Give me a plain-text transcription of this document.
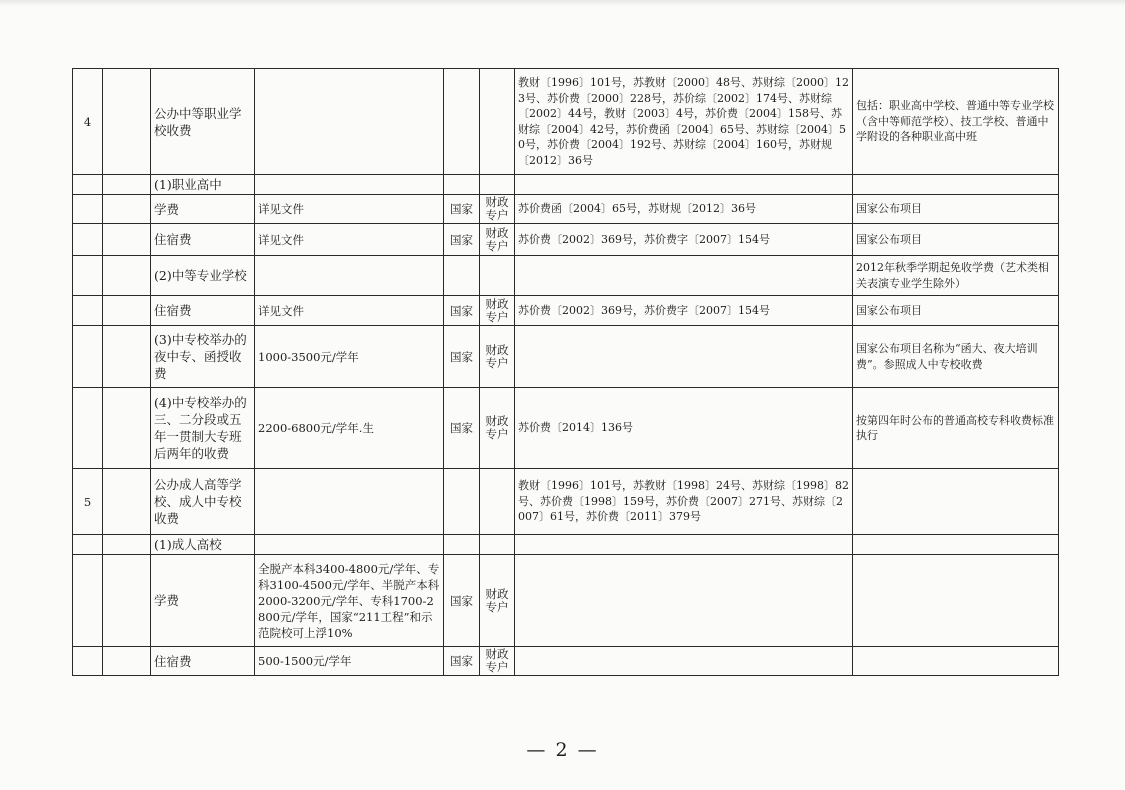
4		公办中等职业学校收费				教财〔1996〕101号，苏教财〔2000〕48号、苏财综〔2000〕123号、苏价费〔2000〕228号，苏价综〔2002〕174号、苏财综〔2002〕44号，教财〔2003〕4号，苏价费〔2004〕158号、苏财综〔2004〕42号，苏价费函〔2004〕65号、苏财综〔2004〕50号，苏价费〔2004〕192号、苏财综〔2004〕160号，苏财规〔2012〕36号	包括：职业高中学校、普通中等专业学校（含中等师范学校）、技工学校、普通中学附设的各种职业高中班
		(1)职业高中					
		学费	详见文件	国家	财政专户	苏价费函〔2004〕65号，苏财规〔2012〕36号	国家公布项目
		住宿费	详见文件	国家	财政专户	苏价费〔2002〕369号，苏价费字〔2007〕154号	国家公布项目
		(2)中等专业学校					2012年秋季学期起免收学费（艺术类相关表演专业学生除外）
		住宿费	详见文件	国家	财政专户	苏价费〔2002〕369号，苏价费字〔2007〕154号	国家公布项目
		(3)中专校举办的夜中专、函授收费	1000-3500元/学年	国家	财政专户		国家公布项目名称为“函大、夜大培训费”。参照成人中专校收费
		(4)中专校举办的三、二分段或五年一贯制大专班后两年的收费	2200-6800元/学年.生	国家	财政专户	苏价费〔2014〕136号	按第四年时公布的普通高校专科收费标准执行
5		公办成人高等学校、成人中专校收费				教财〔1996〕101号，苏教财〔1998〕24号、苏财综〔1998〕82号、苏价费〔1998〕159号，苏价费〔2007〕271号、苏财综〔2007〕61号，苏价费〔2011〕379号	
		(1)成人高校					
		学费	全脱产本科3400-4800元/学年、专科3100-4500元/学年、半脱产本科2000-3200元/学年、专科1700-2800元/学年，国家“211工程”和示范院校可上浮10%	国家	财政专户		
		住宿费	500-1500元/学年	国家	财政专户		
— 2 —
